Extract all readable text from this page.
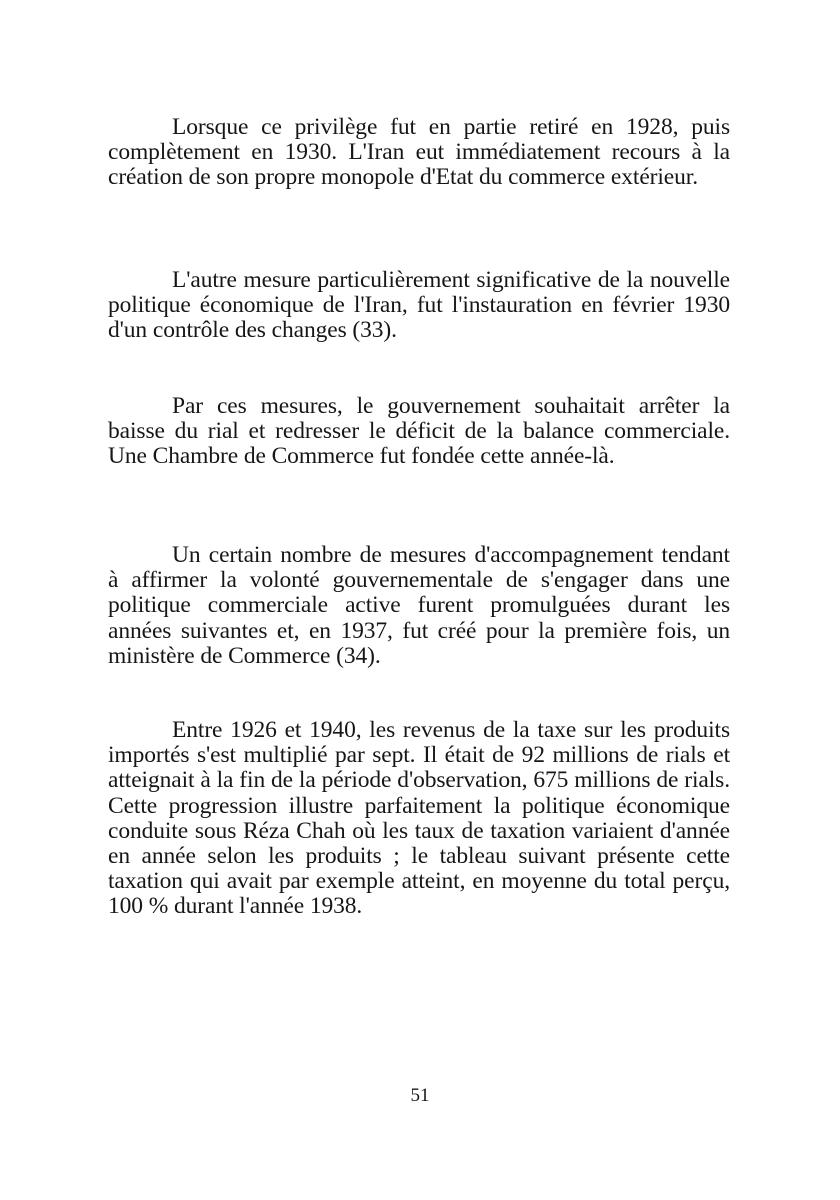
Lorsque ce privilège fut en partie retiré en 1928, puis complètement en 1930. L'Iran eut immédiatement recours à la création de son propre monopole d'Etat du commerce extérieur.

L'autre mesure particulièrement significative de la nouvelle politique économique de l'Iran, fut l'instauration en février 1930 d'un contrôle des changes (33).

Par ces mesures, le gouvernement souhaitait arrêter la baisse du rial et redresser le déficit de la balance commerciale. Une Chambre de Commerce fut fondée cette année-là.

Un certain nombre de mesures d'accompagnement tendant à affirmer la volonté gouvernementale de s'engager dans une politique commerciale active furent promulguées durant les années suivantes et, en 1937, fut créé pour la première fois, un ministère de Commerce (34).

Entre 1926 et 1940, les revenus de la taxe sur les produits importés s'est multiplié par sept. Il était de 92 millions de rials et atteignait à la fin de la période d'observation, 675 millions de rials. Cette progression illustre parfaitement la politique économique conduite sous Réza Chah où les taux de taxation variaient d'année en année selon les produits ; le tableau suivant présente cette taxation qui avait par exemple atteint, en moyenne du total perçu, 100 % durant l'année 1938.

51
